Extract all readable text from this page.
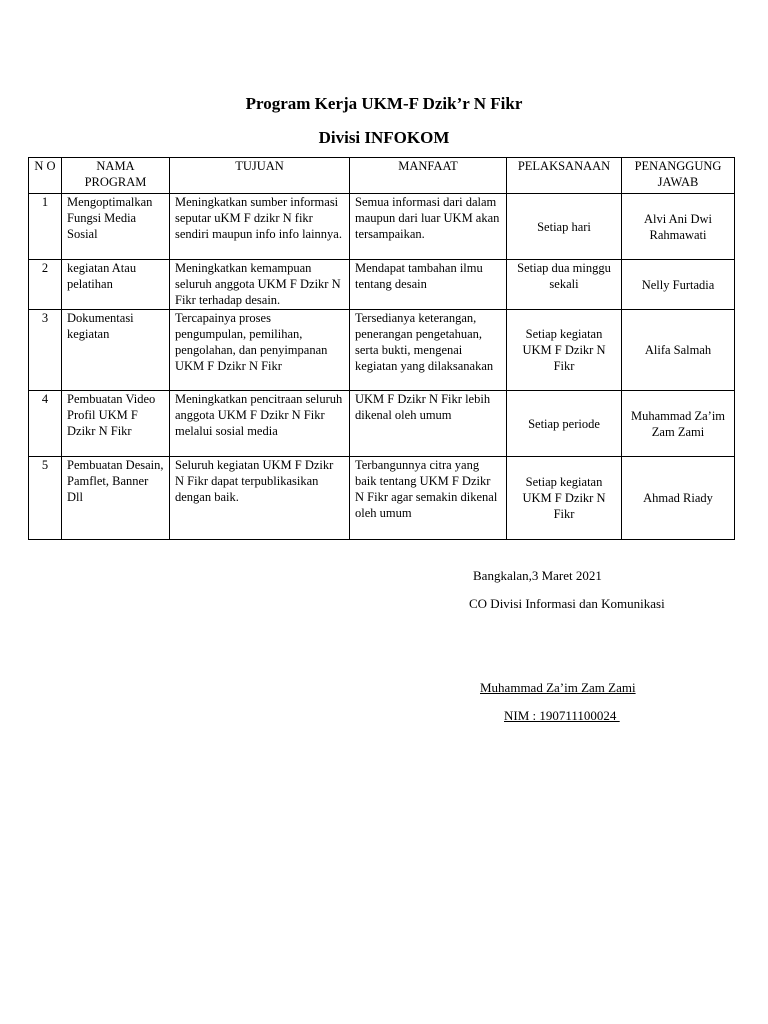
Program Kerja UKM-F Dzik’r N Fikr
Divisi INFOKOM
N O	NAMA PROGRAM	TUJUAN	MANFAAT	PELAKSANAAN	PENANGGUNG JAWAB
1	Mengoptimalkan Fungsi Media Sosial	Meningkatkan sumber informasi seputar uKM F dzikr N fikr sendiri maupun info info lainnya.	Semua informasi dari dalam maupun dari luar UKM akan tersampaikan.	Setiap hari	Alvi Ani Dwi Rahmawati
2	kegiatan Atau pelatihan	Meningkatkan kemampuan seluruh anggota UKM F Dzikr N Fikr terhadap desain.	Mendapat tambahan ilmu tentang desain	Setiap dua minggu sekali	Nelly Furtadia
3	Dokumentasi kegiatan	Tercapainya proses pengumpulan, pemilihan, pengolahan, dan penyimpanan UKM F Dzikr N Fikr	Tersedianya keterangan, penerangan pengetahuan, serta bukti, mengenai kegiatan yang dilaksanakan	Setiap kegiatan UKM F Dzikr N Fikr	Alifa Salmah
4	Pembuatan Video Profil UKM F Dzikr N Fikr	Meningkatkan pencitraan seluruh anggota UKM F Dzikr N Fikr melalui sosial media	UKM F Dzikr N Fikr lebih dikenal oleh umum	Setiap periode	Muhammad Za’im Zam Zami
5	Pembuatan Desain, Pamflet, Banner Dll	Seluruh kegiatan UKM F Dzikr N Fikr dapat terpublikasikan dengan baik.	Terbangunnya citra yang baik tentang UKM F Dzikr N Fikr agar semakin dikenal oleh umum	Setiap kegiatan UKM F Dzikr N Fikr	Ahmad Riady
Bangkalan,3 Maret 2021
CO Divisi Informasi dan Komunikasi
Muhammad Za’im Zam Zami
NIM : 190711100024
